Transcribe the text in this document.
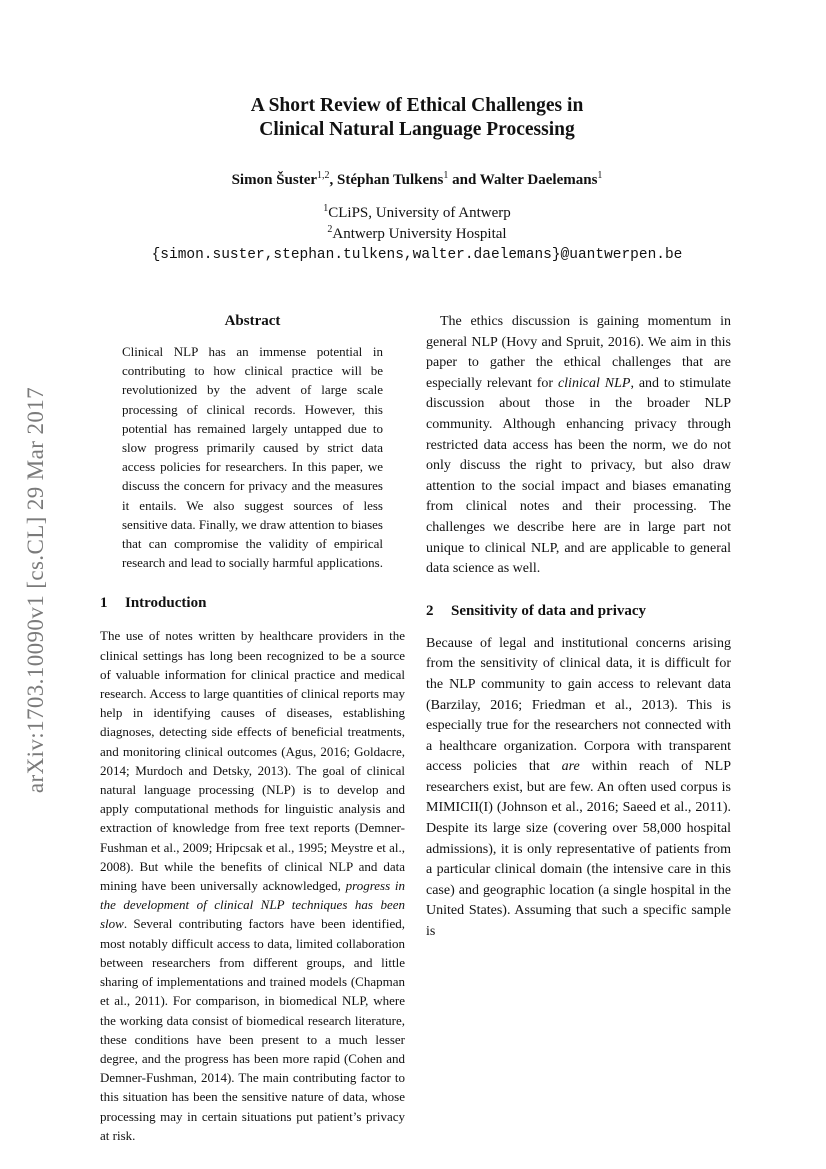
arXiv:1703.10090v1 [cs.CL] 29 Mar 2017
A Short Review of Ethical Challenges in
Clinical Natural Language Processing
Simon Šuster$^{1,2}$, Stéphan Tulkens$^1$ and Walter Daelemans$^1$
$^1$CLiPS, University of Antwerp
$^2$Antwerp University Hospital
{simon.suster,stephan.tulkens,walter.daelemans}@uantwerpen.be
Abstract

Clinical NLP has an immense potential in contributing to how clinical practice will be revolutionized by the advent of large scale processing of clinical records. However, this potential has remained largely untapped due to slow progress primarily caused by strict data access policies for researchers. In this paper, we discuss the concern for privacy and the measures it entails. We also suggest sources of less sensitive data. Finally, we draw attention to biases that can compromise the validity of empirical research and lead to socially harmful applications.

1 Introduction

The use of notes written by healthcare providers in the clinical settings has long been recognized to be a source of valuable information for clinical practice and medical research. Access to large quantities of clinical reports may help in identifying causes of diseases, establishing diagnoses, detecting side effects of beneficial treatments, and monitoring clinical outcomes (Agus, 2016; Goldacre, 2014; Murdoch and Detsky, 2013). The goal of clinical natural language processing (NLP) is to develop and apply computational methods for linguistic analysis and extraction of knowledge from free text reports (Demner-Fushman et al., 2009; Hripcsak et al., 1995; Meystre et al., 2008). But while the benefits of clinical NLP and data mining have been universally acknowledged, progress in the development of clinical NLP techniques has been slow. Several contributing factors have been identified, most notably difficult access to data, limited collaboration between researchers from different groups, and little sharing of implementations and trained models (Chapman et al., 2011). For comparison, in biomedical NLP, where the working data consist of biomedical research literature, these conditions have been present to a much lesser degree, and the progress has been more rapid (Cohen and Demner-Fushman, 2014). The main contributing factor to this situation has been the sensitive nature of data, whose processing may in certain situations put patient’s privacy at risk.

The ethics discussion is gaining momentum in general NLP (Hovy and Spruit, 2016). We aim in this paper to gather the ethical challenges that are especially relevant for clinical NLP, and to stimulate discussion about those in the broader NLP community. Although enhancing privacy through restricted data access has been the norm, we do not only discuss the right to privacy, but also draw attention to the social impact and biases emanating from clinical notes and their processing. The challenges we describe here are in large part not unique to clinical NLP, and are applicable to general data science as well.

2 Sensitivity of data and privacy

Because of legal and institutional concerns arising from the sensitivity of clinical data, it is difficult for the NLP community to gain access to relevant data (Barzilay, 2016; Friedman et al., 2013). This is especially true for the researchers not connected with a healthcare organization. Corpora with transparent access policies that are within reach of NLP researchers exist, but are few. An often used corpus is MIMICII(I) (Johnson et al., 2016; Saeed et al., 2011). Despite its large size (covering over 58,000 hospital admissions), it is only representative of patients from a particular clinical domain (the intensive care in this case) and geographic location (a single hospital in the United States). Assuming that such a specific sample is
